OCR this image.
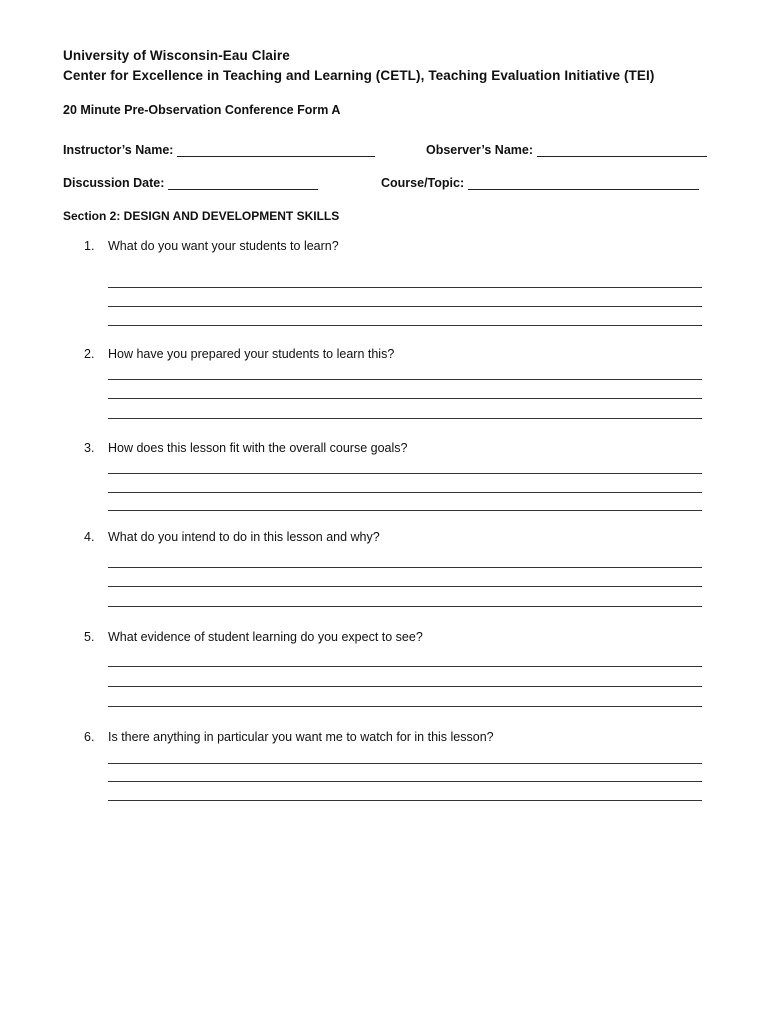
University of Wisconsin-Eau Claire
Center for Excellence in Teaching and Learning (CETL), Teaching Evaluation Initiative (TEI)
20 Minute Pre-Observation Conference Form A
Instructor’s Name:	Observer’s Name:
Discussion Date:	Course/Topic:
Section 2: DESIGN AND DEVELOPMENT SKILLS
1.	What do you want your students to learn?
2.	How have you prepared your students to learn this?
3.	How does this lesson fit with the overall course goals?
4.	What do you intend to do in this lesson and why?
5.	What evidence of student learning do you expect to see?
6.	Is there anything in particular you want me to watch for in this lesson?
